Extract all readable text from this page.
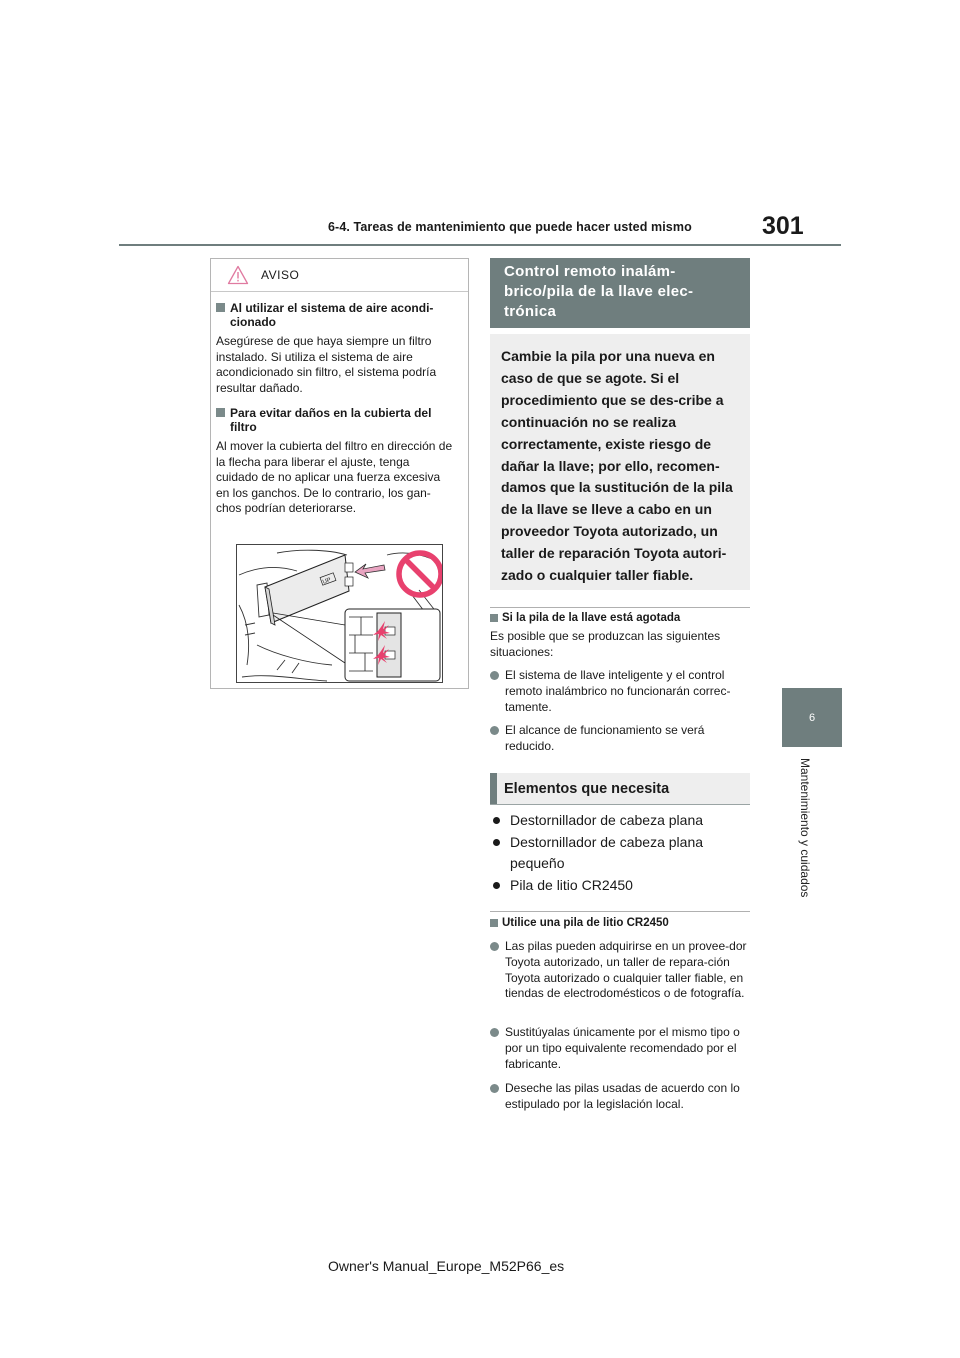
6-4. Tareas de mantenimiento que puede hacer usted mismo	301
6
Mantenimiento y cuidados
AVISO
Al utilizar el sistema de aire acondi-cionado
Asegúrese de que haya siempre un filtro instalado. Si utiliza el sistema de aire acondicionado sin filtro, el sistema podría resultar dañado.
Para evitar daños en la cubierta del filtro
Al mover la cubierta del filtro en dirección de la flecha para liberar el ajuste, tenga cuidado de no aplicar una fuerza excesiva en los ganchos. De lo contrario, los gan-chos podrían deteriorarse.
UP
Control remoto inalám-brico/pila de la llave elec-trónica

Cambie la pila por una nueva en caso de que se agote. Si el procedimiento que se des-cribe a continuación no se realiza correctamente, existe riesgo de dañar la llave; por ello, recomen-damos que la sustitución de la pila de la llave se lleve a cabo en un proveedor Toyota autorizado, un taller de reparación Toyota autori-zado o cualquier taller fiable.

Si la pila de la llave está agotada
Es posible que se produzcan las siguientes situaciones:
El sistema de llave inteligente y el control remoto inalámbrico no funcionarán correc-tamente.
El alcance de funcionamiento se verá reducido.
Elementos que necesita
Destornillador de cabeza plana
Destornillador de cabeza plana pequeño
Pila de litio CR2450
Utilice una pila de litio CR2450
Las pilas pueden adquirirse en un provee-dor Toyota autorizado, un taller de repara-ción Toyota autorizado o cualquier taller fiable, en tiendas de electrodomésticos o de fotografía.
Sustitúyalas únicamente por el mismo tipo o por un tipo equivalente recomendado por el fabricante.
Deseche las pilas usadas de acuerdo con lo estipulado por la legislación local.
Owner's Manual_Europe_M52P66_es
